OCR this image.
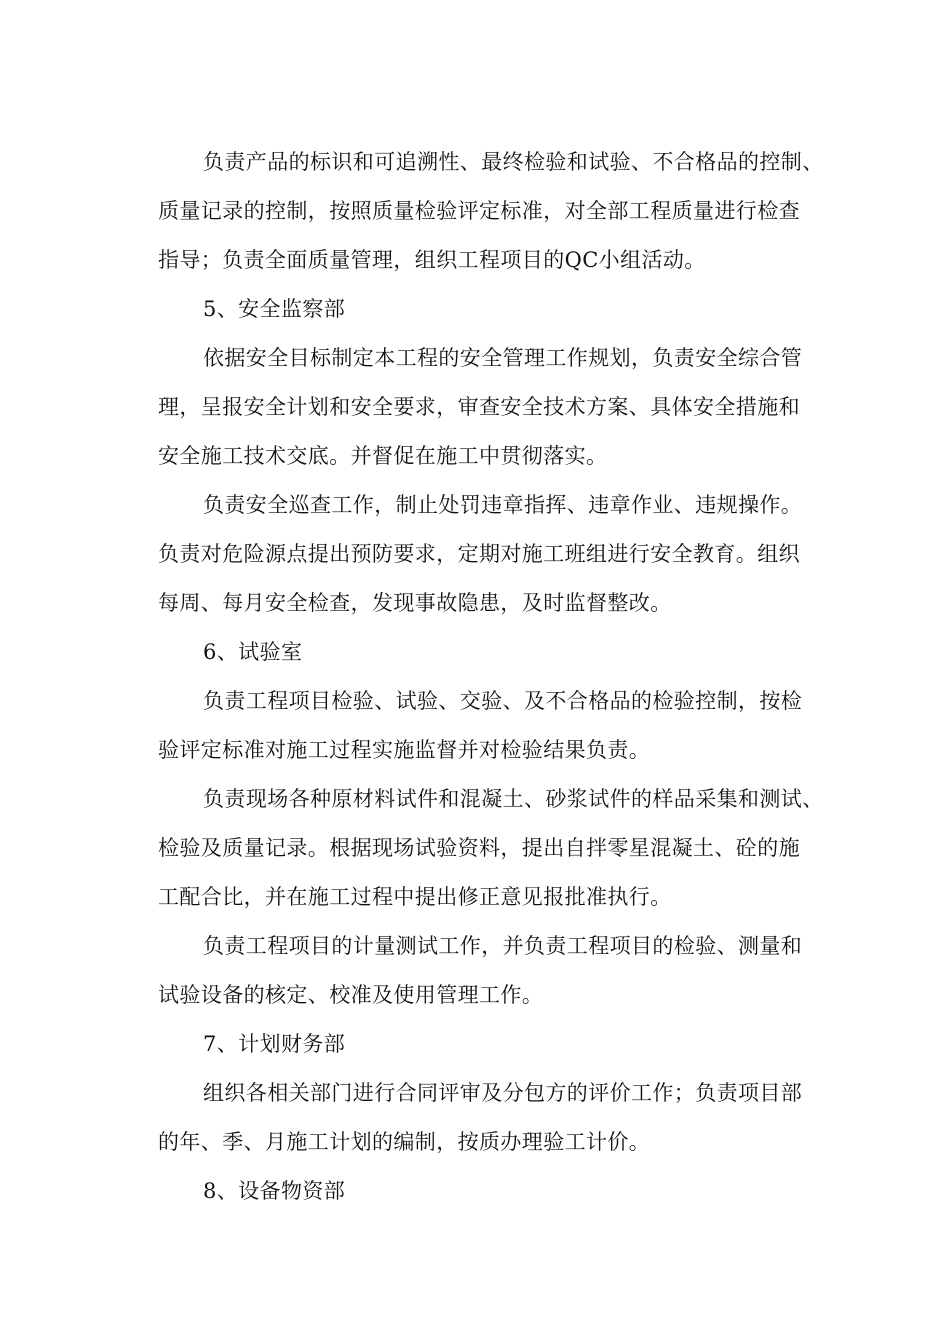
负责产品的标识和可追溯性、最终检验和试验、不合格品的控制、
质量记录的控制，按照质量检验评定标准，对全部工程质量进行检查
指导；负责全面质量管理，组织工程项目的QC小组活动。

5、安全监察部

依据安全目标制定本工程的安全管理工作规划，负责安全综合管
理，呈报安全计划和安全要求，审查安全技术方案、具体安全措施和
安全施工技术交底。并督促在施工中贯彻落实。

负责安全巡查工作，制止处罚违章指挥、违章作业、违规操作。
负责对危险源点提出预防要求，定期对施工班组进行安全教育。组织
每周、每月安全检查，发现事故隐患，及时监督整改。

6、试验室

负责工程项目检验、试验、交验、及不合格品的检验控制，按检
验评定标准对施工过程实施监督并对检验结果负责。

负责现场各种原材料试件和混凝土、砂浆试件的样品采集和测试、
检验及质量记录。根据现场试验资料，提出自拌零星混凝土、砼的施
工配合比，并在施工过程中提出修正意见报批准执行。

负责工程项目的计量测试工作，并负责工程项目的检验、测量和
试验设备的核定、校准及使用管理工作。

7、计划财务部

组织各相关部门进行合同评审及分包方的评价工作；负责项目部
的年、季、月施工计划的编制，按质办理验工计价。

8、设备物资部
